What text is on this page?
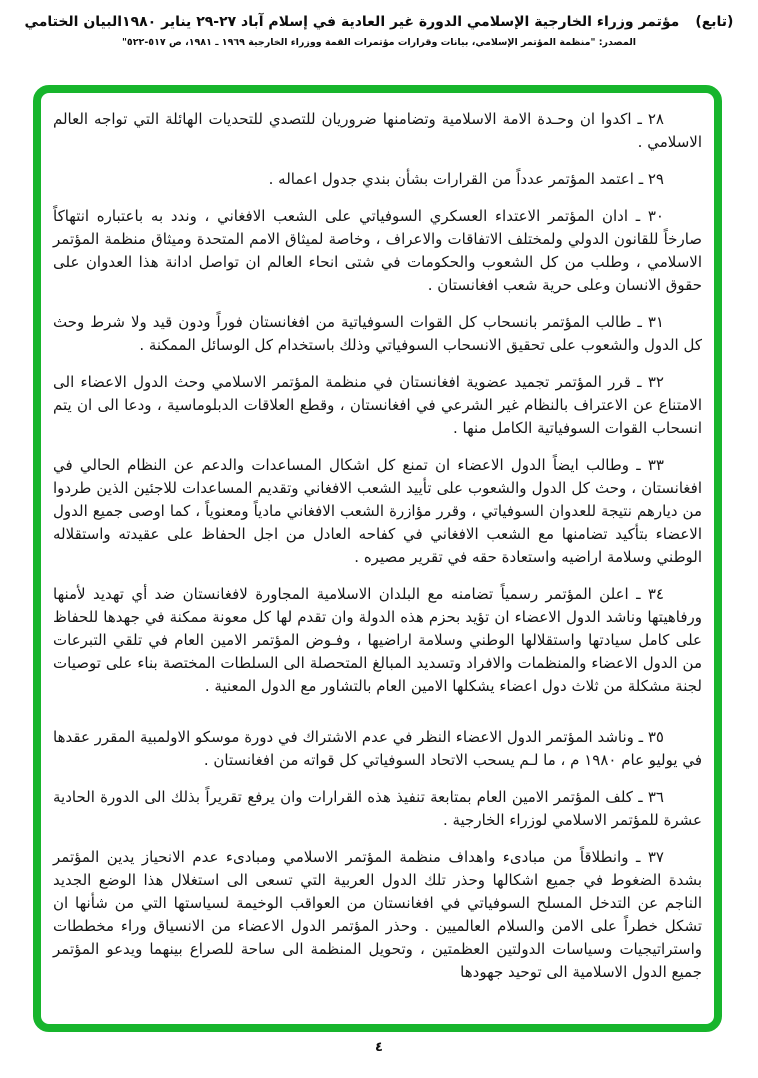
(تابع)مؤتمر وزراء الخارجية الإسلامي الدورة غير العادية في إسلام آباد ٢٧-٢٩ يناير ١٩٨٠البيان الختامي
المصدر: "منظمة المؤتمر الإسلامي، بيانات وقرارات مؤتمرات القمة ووزراء الخارجية ١٩٦٩ ـ ١٩٨١، ص ٥١٧-٥٢٢"

٢٨ ـ اكدوا ان وحـدة الامة الاسلامية وتضامنها ضروريان للتصدي للتحديات الهائلة التي تواجه العالم الاسلامي .

٢٩ ـ اعتمد المؤتمر عدداً من القرارات بشأن بندي جدول اعماله .

٣٠ ـ ادان المؤتمر الاعتداء العسكري السوفياتي على الشعب الافغاني ، وندد به باعتباره انتهاكاً صارخاً للقانون الدولي ولمختلف الاتفاقات والاعراف ، وخاصة لميثاق الامم المتحدة وميثاق منظمة المؤتمر الاسلامي ، وطلب من كل الشعوب والحكومات في شتى انحاء العالم ان تواصل ادانة هذا العدوان على حقوق الانسان وعلى حرية شعب افغانستان .

٣١ ـ طالب المؤتمر بانسحاب كل القوات السوفياتية من افغانستان فوراً ودون قيد ولا شرط وحث كل الدول والشعوب على تحقيق الانسحاب السوفياتي وذلك باستخدام كل الوسائل الممكنة .

٣٢ ـ قرر المؤتمر تجميد عضوية افغانستان في منظمة المؤتمر الاسلامي وحث الدول الاعضاء الى الامتناع عن الاعتراف بالنظام غير الشرعي في افغانستان ، وقطع العلاقات الدبلوماسية ، ودعا الى ان يتم انسحاب القوات السوفياتية الكامل منها .

٣٣ ـ وطالب ايضاً الدول الاعضاء ان تمنع كل اشكال المساعدات والدعم عن النظام الحالي في افغانستان ، وحث كل الدول والشعوب على تأييد الشعب الافغاني وتقديم المساعدات للاجئين الذين طردوا من ديارهم نتيجة للعدوان السوفياتي ، وقرر مؤازرة الشعب الافغاني مادياً ومعنوياً ، كما اوصى جميع الدول الاعضاء بتأكيد تضامنها مع الشعب الافغاني في كفاحه العادل من اجل الحفاظ على عقيدته واستقلاله الوطني وسلامة اراضيه واستعادة حقه في تقرير مصيره .

٣٤ ـ اعلن المؤتمر رسمياً تضامنه مع البلدان الاسلامية المجاورة لافغانستان ضد أي تهديد لأمنها ورفاهيتها وناشد الدول الاعضاء ان تؤيد بحزم هذه الدولة وان تقدم لها كل معونة ممكنة في جهدها للحفاظ على كامل سيادتها واستقلالها الوطني وسلامة اراضيها ، وفـوض المؤتمر الامين العام في تلقي التبرعات من الدول الاعضاء والمنظمات والافراد وتسديد المبالغ المتحصلة الى السلطات المختصة بناء على توصيات لجنة مشكلة من ثلاث دول اعضاء يشكلها الامين العام بالتشاور مع الدول المعنية .

٣٥ ـ وناشد المؤتمر الدول الاعضاء النظر في عدم الاشتراك في دورة موسكو الاولمبية المقرر عقدها في يوليو عام ١٩٨٠ م ، ما لـم يسحب الاتحاد السوفياتي كل قواته من افغانستان .

٣٦ ـ كلف المؤتمر الامين العام بمتابعة تنفيذ هذه القرارات وان يرفع تقريراً بذلك الى الدورة الحادية عشرة للمؤتمر الاسلامي لوزراء الخارجية .

٣٧ ـ وانطلاقاً من مبادىء واهداف منظمة المؤتمر الاسلامي ومبادىء عدم الانحياز يدين المؤتمر بشدة الضغوط في جميع اشكالها وحذر تلك الدول العربية التي تسعى الى استغلال هذا الوضع الجديد الناجم عن التدخل المسلح السوفياتي في افغانستان من العواقب الوخيمة لسياستها التي من شأنها ان تشكل خطراً على الامن والسلام العالميين . وحذر المؤتمر الدول الاعضاء من الانسياق وراء مخططات واستراتيجيات وسياسات الدولتين العظمتين ، وتحويل المنظمة الى ساحة للصراع بينهما ويدعو المؤتمر جميع الدول الاسلامية الى توحيد جهودها

٤
